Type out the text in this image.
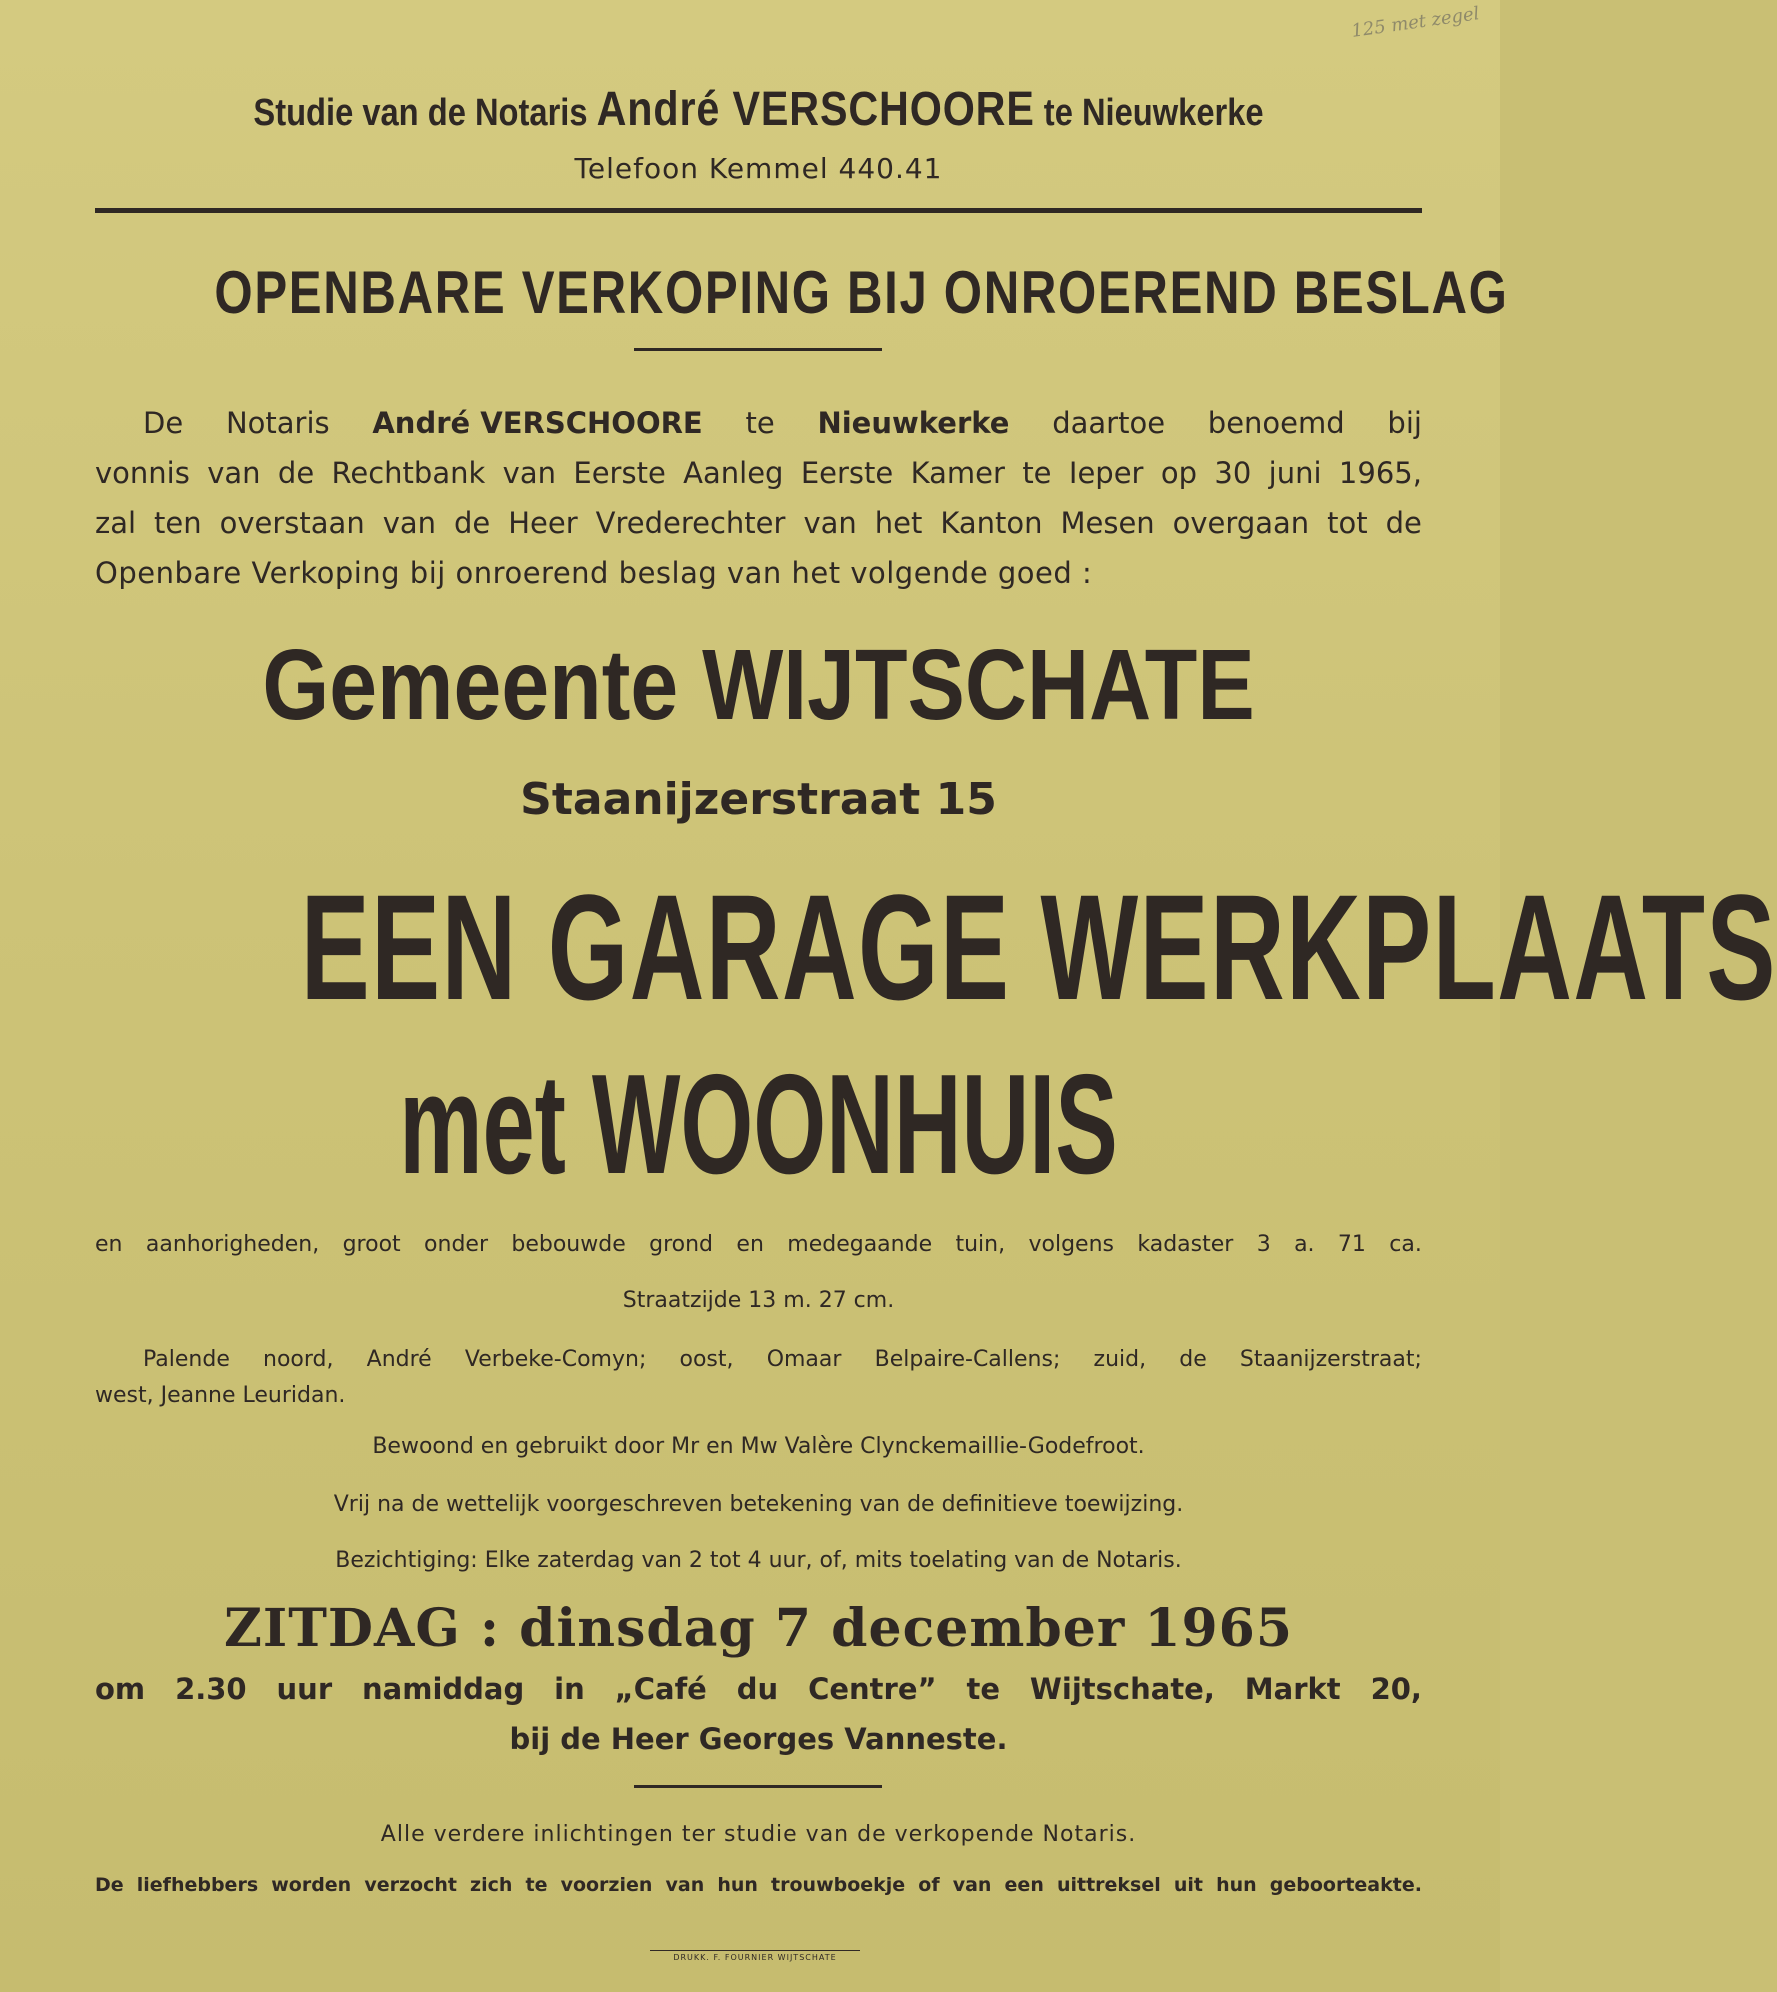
125 met zegel
Studie van de Notaris André VERSCHOORE te Nieuwkerke
Telefoon Kemmel 440.41
OPENBARE VERKOPING BIJ ONROEREND BESLAG
De Notaris André VERSCHOORE te Nieuwkerke daartoe benoemd bij
vonnis van de Rechtbank van Eerste Aanleg Eerste Kamer te Ieper op 30 juni 1965,
zal ten overstaan van de Heer Vrederechter van het Kanton Mesen overgaan tot de
Openbare Verkoping bij onroerend beslag van het volgende goed :
Gemeente WIJTSCHATE
Staanijzerstraat 15
EEN GARAGE WERKPLAATS
met WOONHUIS
en aanhorigheden, groot onder bebouwde grond en medegaande tuin, volgens kadaster 3 a. 71 ca.
Straatzijde 13 m. 27 cm.
Palende noord, André Verbeke-Comyn; oost, Omaar Belpaire-Callens; zuid, de Staanijzerstraat;
west, Jeanne Leuridan.
Bewoond en gebruikt door Mr en Mw Valère Clynckemaillie-Godefroot.
Vrij na de wettelijk voorgeschreven betekening van de definitieve toewijzing.
Bezichtiging: Elke zaterdag van 2 tot 4 uur, of, mits toelating van de Notaris.
ZITDAG : dinsdag 7 december 1965
om 2.30 uur namiddag in „Café du Centre” te Wijtschate, Markt 20,
bij de Heer Georges Vanneste.
Alle verdere inlichtingen ter studie van de verkopende Notaris.
De liefhebbers worden verzocht zich te voorzien van hun trouwboekje of van een uittreksel uit hun geboorteakte.
DRUKK. F. FOURNIER WIJTSCHATE
